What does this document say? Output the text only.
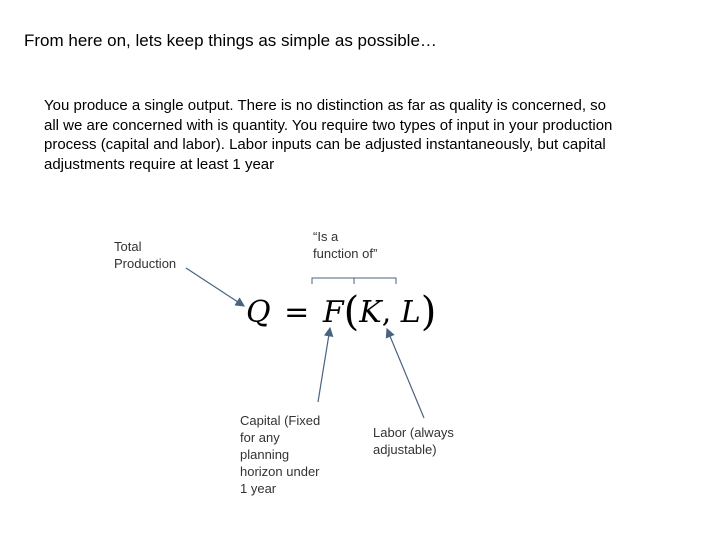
From here on, lets keep things as simple as possible…
You produce a single output. There is no distinction as far as quality is concerned, so
all we are concerned with is quantity. You require two types of input in your production
process (capital and labor). Labor inputs can be adjusted instantaneously, but capital
adjustments require at least 1 year
Total
Production
“Is a
function of”
Q = F(K, L)
Capital (Fixed
for any
planning
horizon under
1 year
Labor (always
adjustable)
